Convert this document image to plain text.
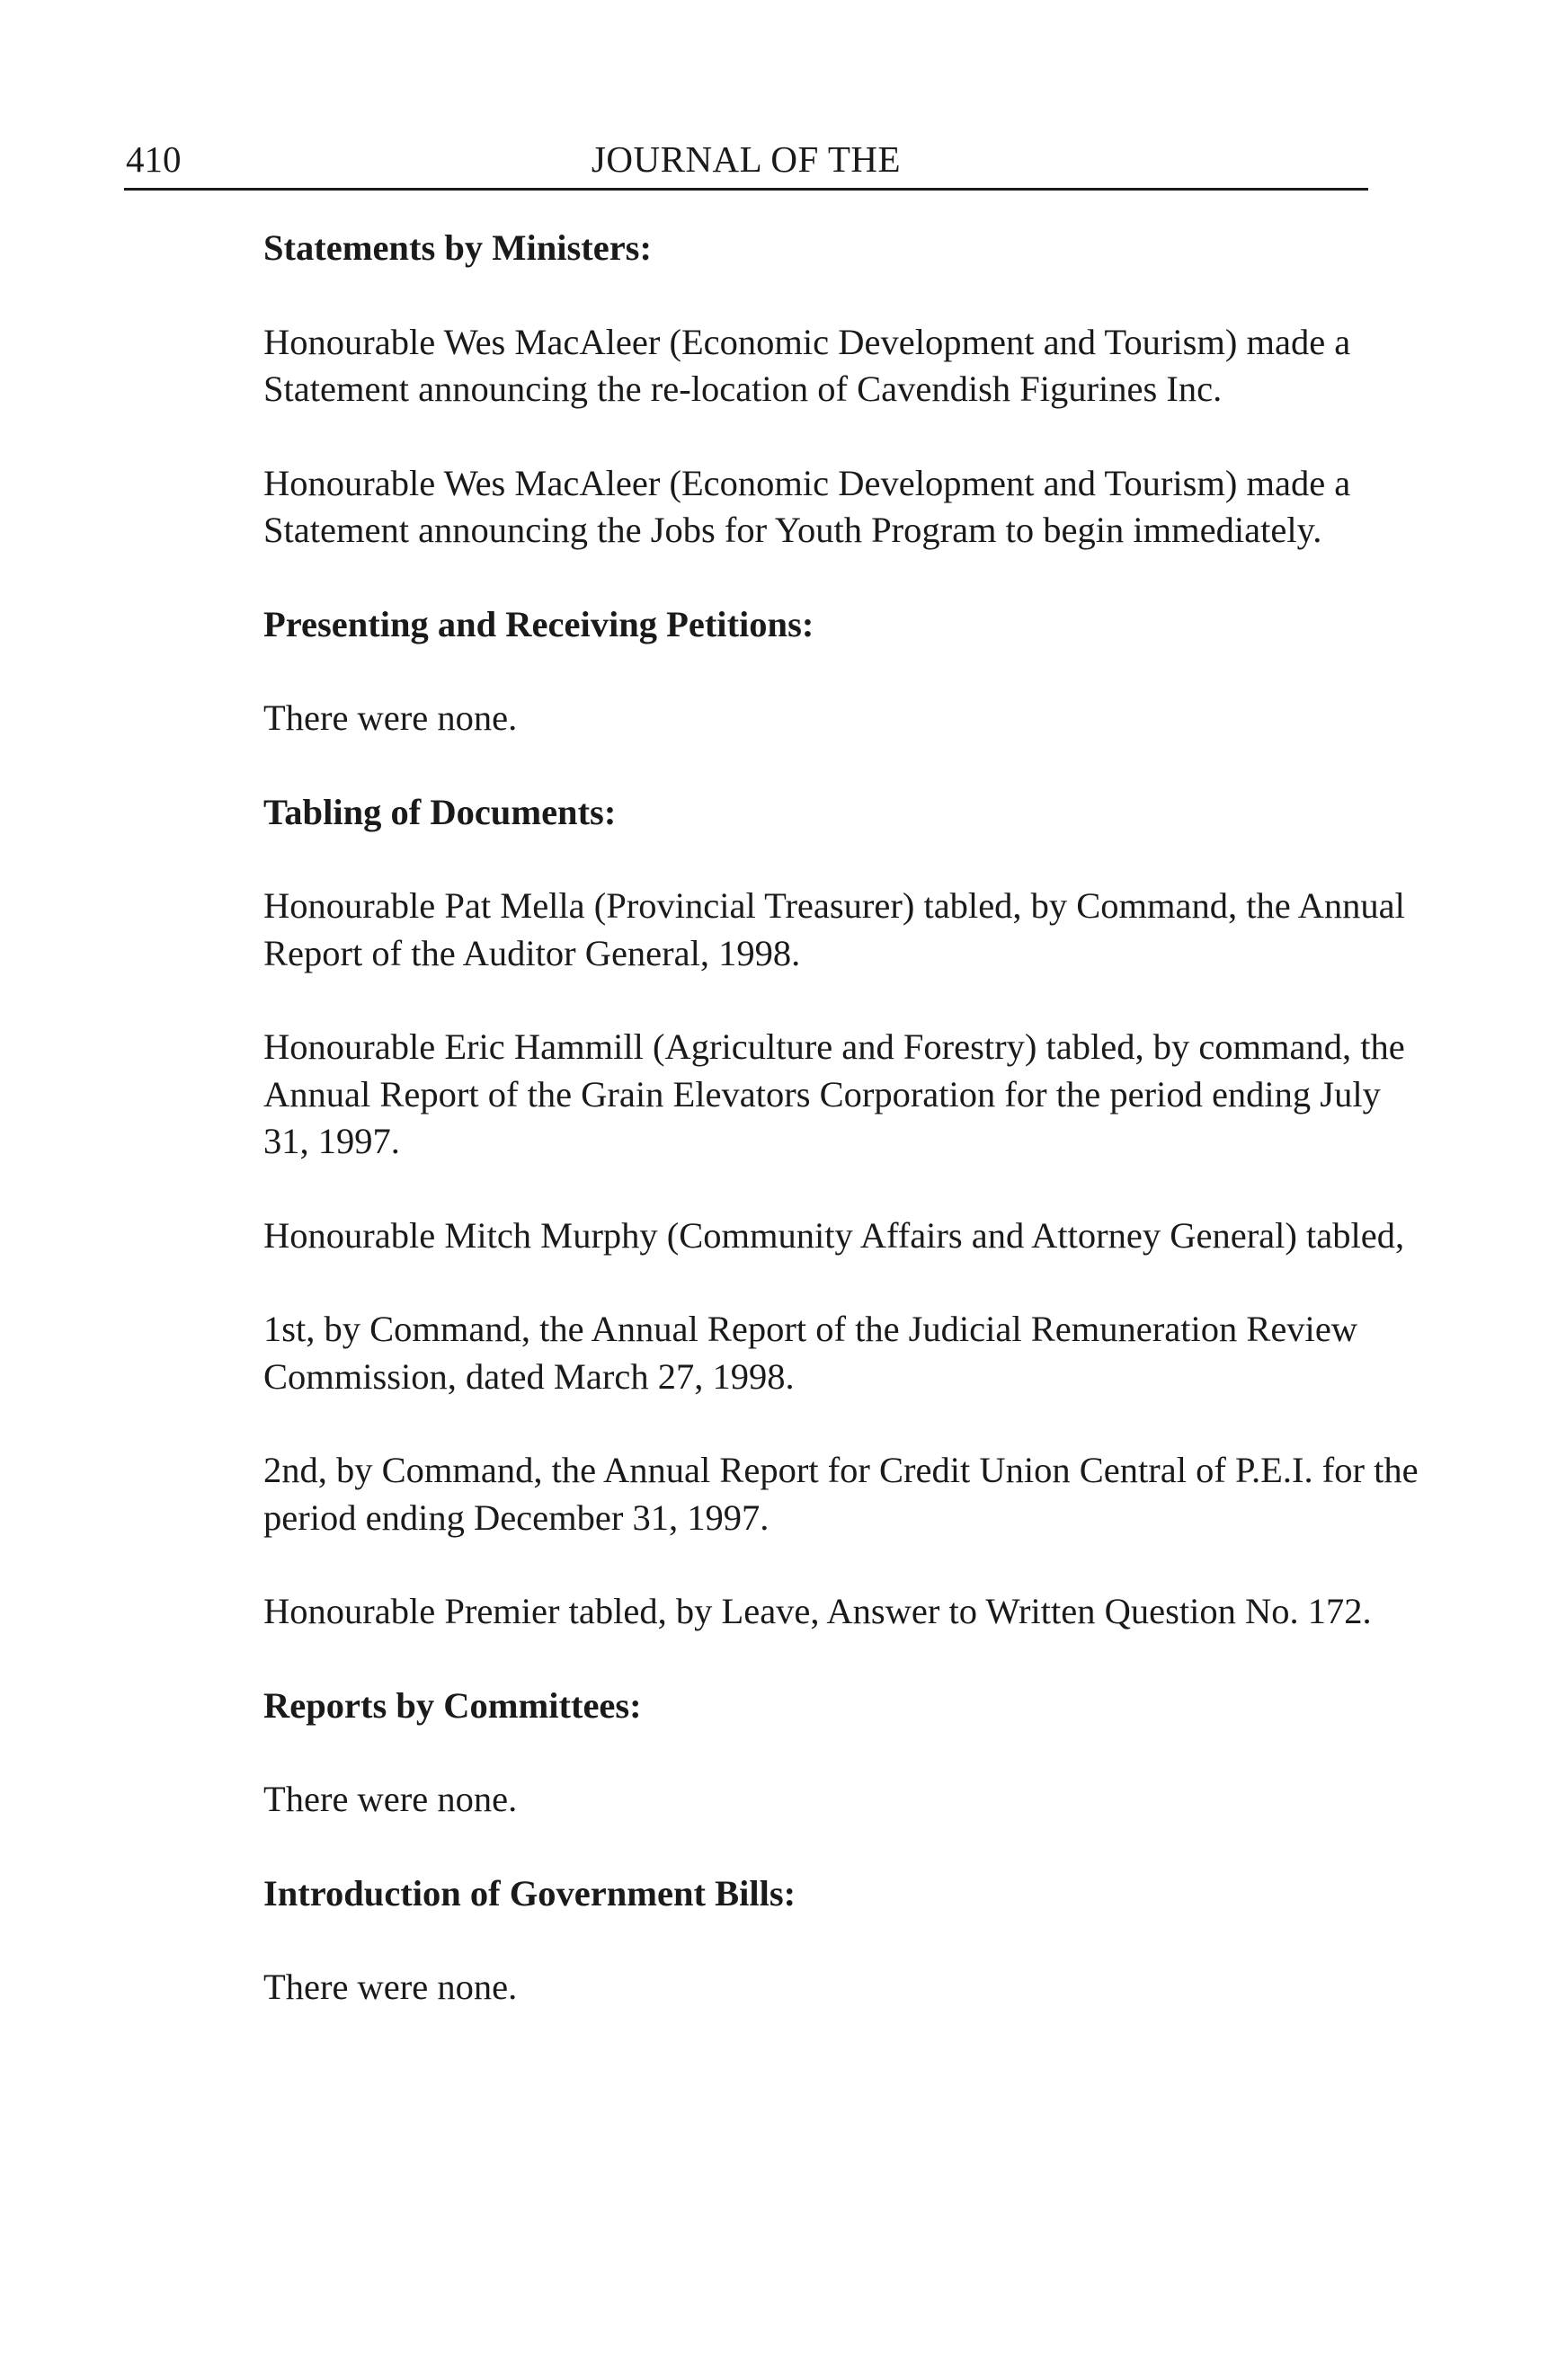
410	JOURNAL OF THE

Statements by Ministers:

Honourable Wes MacAleer (Economic Development and Tourism) made a
Statement announcing the re-location of Cavendish Figurines Inc.

Honourable Wes MacAleer (Economic Development and Tourism) made a
Statement announcing the Jobs for Youth Program to begin immediately.

Presenting and Receiving Petitions:

There were none.

Tabling of Documents:

Honourable Pat Mella (Provincial Treasurer) tabled, by Command, the Annual
Report of the Auditor General, 1998.

Honourable Eric Hammill (Agriculture and Forestry) tabled, by command, the
Annual Report of the Grain Elevators Corporation for the period ending July
31, 1997.

Honourable Mitch Murphy (Community Affairs and Attorney General) tabled,

1st, by Command, the Annual Report of the Judicial Remuneration Review
Commission, dated March 27, 1998.

2nd, by Command, the Annual Report for Credit Union Central of P.E.I. for the
period ending December 31, 1997.

Honourable Premier tabled, by Leave, Answer to Written Question No. 172.

Reports by Committees:

There were none.

Introduction of Government Bills:

There were none.
